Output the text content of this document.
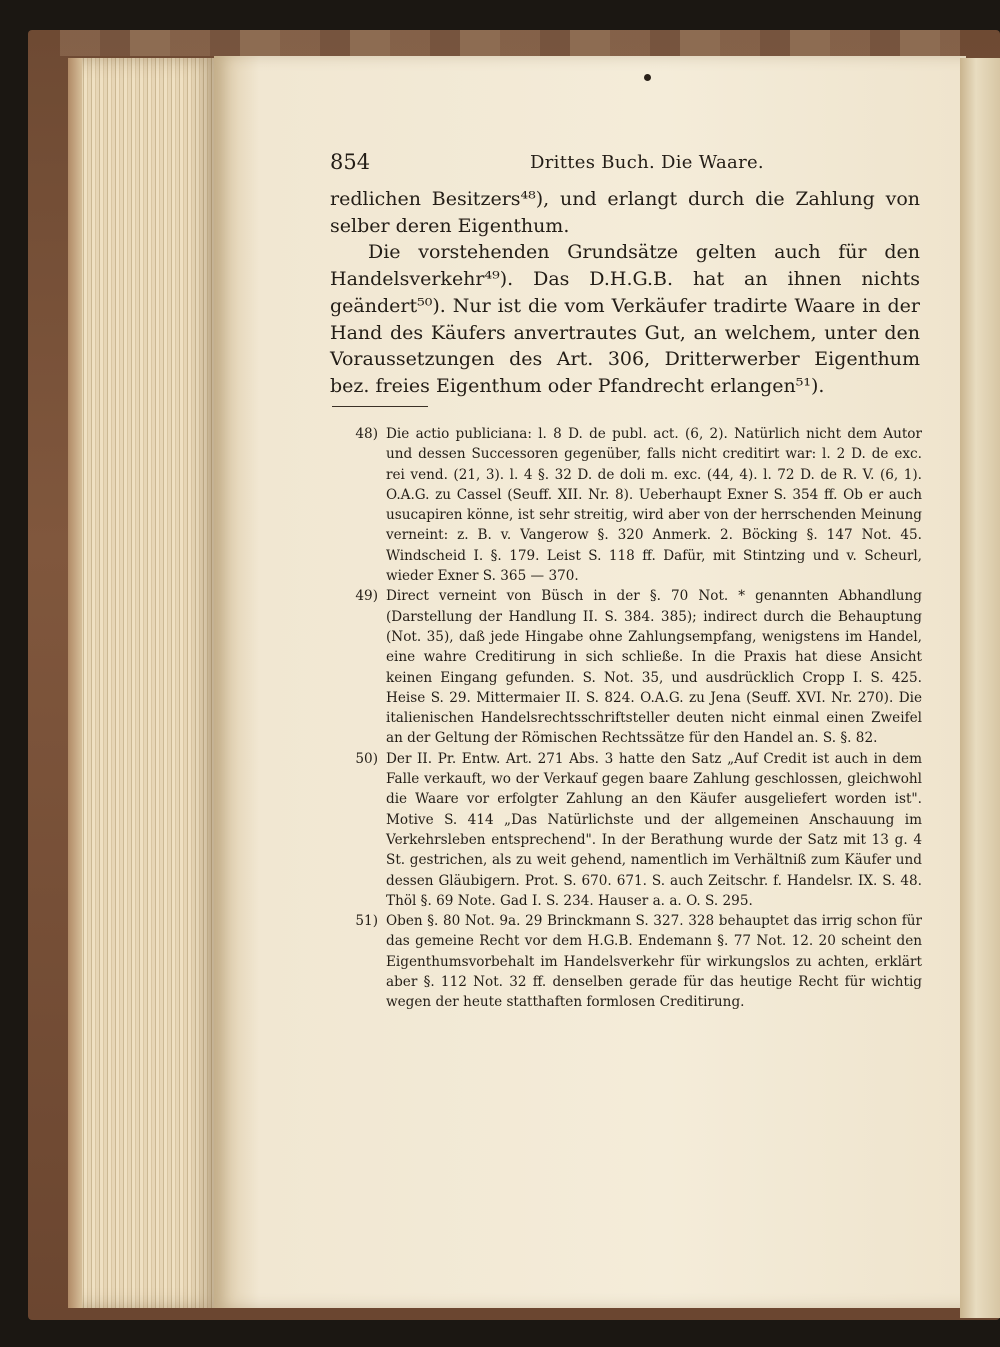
854	Drittes Buch. Die Waare.

redlichen Besitzers⁴⁸), und erlangt durch die Zahlung von selber deren Eigenthum.

Die vorstehenden Grundsätze gelten auch für den Handelsverkehr⁴⁹). Das D.H.G.B. hat an ihnen nichts geändert⁵⁰). Nur ist die vom Verkäufer tradirte Waare in der Hand des Käufers anvertrautes Gut, an welchem, unter den Voraussetzungen des Art. 306, Dritterwerber Eigenthum bez. freies Eigenthum oder Pfandrecht erlangen⁵¹).

48) Die actio publiciana: l. 8 D. de publ. act. (6, 2). Natürlich nicht dem Autor und dessen Successoren gegenüber, falls nicht creditirt war: l. 2 D. de exc. rei vend. (21, 3). l. 4 §. 32 D. de doli m. exc. (44, 4). l. 72 D. de R. V. (6, 1). O.A.G. zu Cassel (Seuff. XII. Nr. 8). Ueberhaupt Exner S. 354 ff. Ob er auch usucapiren könne, ist sehr streitig, wird aber von der herrschenden Meinung verneint: z. B. v. Vangerow §. 320 Anmerk. 2. Böcking §. 147 Not. 45. Windscheid I. §. 179. Leist S. 118 ff. Dafür, mit Stintzing und v. Scheurl, wieder Exner S. 365 — 370.

49) Direct verneint von Büsch in der §. 70 Not. * genannten Abhandlung (Darstellung der Handlung II. S. 384. 385); indirect durch die Behauptung (Not. 35), daß jede Hingabe ohne Zahlungsempfang, wenigstens im Handel, eine wahre Creditirung in sich schließe. In die Praxis hat diese Ansicht keinen Eingang gefunden. S. Not. 35, und ausdrücklich Cropp I. S. 425. Heise S. 29. Mittermaier II. S. 824. O.A.G. zu Jena (Seuff. XVI. Nr. 270). Die italienischen Handelsrechtsschriftsteller deuten nicht einmal einen Zweifel an der Geltung der Römischen Rechtssätze für den Handel an. S. §. 82.

50) Der II. Pr. Entw. Art. 271 Abs. 3 hatte den Satz „Auf Credit ist auch in dem Falle verkauft, wo der Verkauf gegen baare Zahlung geschlossen, gleichwohl die Waare vor erfolgter Zahlung an den Käufer ausgeliefert worden ist". Motive S. 414 „Das Natürlichste und der allgemeinen Anschauung im Verkehrsleben entsprechend". In der Berathung wurde der Satz mit 13 g. 4 St. gestrichen, als zu weit gehend, namentlich im Verhältniß zum Käufer und dessen Gläubigern. Prot. S. 670. 671. S. auch Zeitschr. f. Handelsr. IX. S. 48. Thöl §. 69 Note. Gad I. S. 234. Hauser a. a. O. S. 295.

51) Oben §. 80 Not. 9a. 29 Brinckmann S. 327. 328 behauptet das irrig schon für das gemeine Recht vor dem H.G.B. Endemann §. 77 Not. 12. 20 scheint den Eigenthumsvorbehalt im Handelsverkehr für wirkungslos zu achten, erklärt aber §. 112 Not. 32 ff. denselben gerade für das heutige Recht für wichtig wegen der heute statthaften formlosen Creditirung.
